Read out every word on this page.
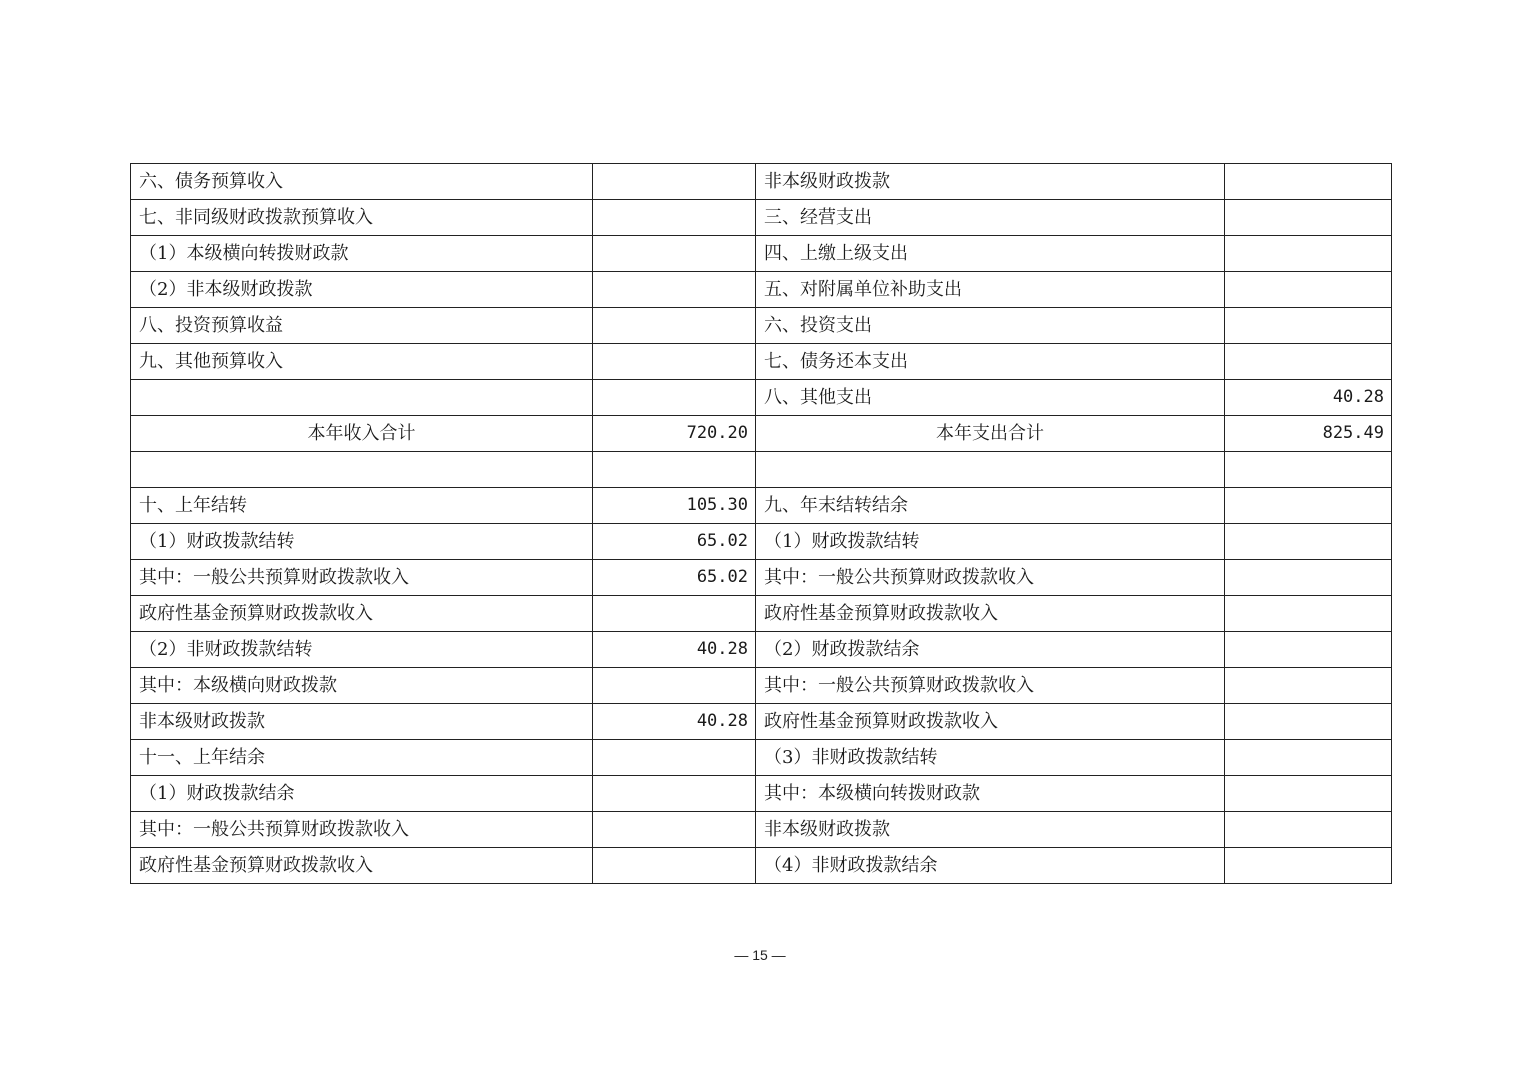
六、债务预算收入		非本级财政拨款	
七、非同级财政拨款预算收入		三、经营支出	
（1）本级横向转拨财政款		四、上缴上级支出	
（2）非本级财政拨款		五、对附属单位补助支出	
八、投资预算收益		六、投资支出	
九、其他预算收入		七、债务还本支出	
		八、其他支出	40.28
本年收入合计	720.20	本年支出合计	825.49

十、上年结转	105.30	九、年末结转结余	
（1）财政拨款结转	65.02	（1）财政拨款结转	
其中：一般公共预算财政拨款收入	65.02	其中：一般公共预算财政拨款收入	
政府性基金预算财政拨款收入		政府性基金预算财政拨款收入	
（2）非财政拨款结转	40.28	（2）财政拨款结余	
其中：本级横向财政拨款		其中：一般公共预算财政拨款收入	
非本级财政拨款	40.28	政府性基金预算财政拨款收入	
十一、上年结余		（3）非财政拨款结转	
（1）财政拨款结余		其中：本级横向转拨财政款	
其中：一般公共预算财政拨款收入		非本级财政拨款	
政府性基金预算财政拨款收入		（4）非财政拨款结余	
— 15 —
